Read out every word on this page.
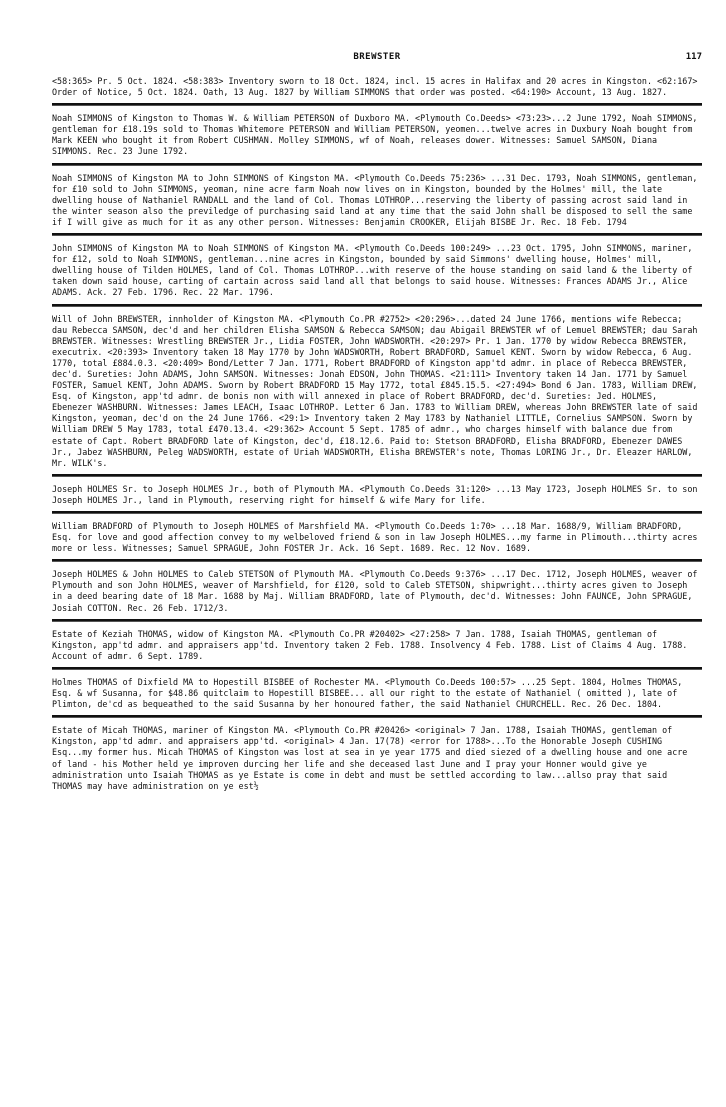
BREWSTER	117

<58:365> Pr. 5 Oct. 1824. <58:383> Inventory sworn to 18 Oct. 1824, incl. 15 acres in Halifax and 20 acres in Kingston. <62:167> Order of Notice, 5 Oct. 1824. Oath, 13 Aug. 1827 by William SIMMONS that order was posted. <64:190> Account, 13 Aug. 1827.

Noah SIMMONS of Kingston to Thomas W. & William PETERSON of Duxboro MA. <Plymouth Co.Deeds> <73:23>...2 June 1792, Noah SIMMONS, gentleman for £18.19s sold to Thomas Whitemore PETERSON and William PETERSON, yeomen...twelve acres in Duxbury Noah bought from Mark KEEN who bought it from Robert CUSHMAN. Molley SIMMONS, wf of Noah, releases dower. Witnesses: Samuel SAMSON, Diana SIMMONS. Rec. 23 June 1792.

Noah SIMMONS of Kingston MA to John SIMMONS of Kingston MA. <Plymouth Co.Deeds 75:236> ...31 Dec. 1793, Noah SIMMONS, gentleman, for £10 sold to John SIMMONS, yeoman, nine acre farm Noah now lives on in Kingston, bounded by the Holmes' mill, the late dwelling house of Nathaniel RANDALL and the land of Col. Thomas LOTHROP...reserving the liberty of passing acrost said land in the winter season also the previledge of purchasing said land at any time that the said John shall be disposed to sell the same if I will give as much for it as any other person. Witnesses: Benjamin CROOKER, Elijah BISBE Jr. Rec. 18 Feb. 1794

John SIMMONS of Kingston MA to Noah SIMMONS of Kingston MA. <Plymouth Co.Deeds 100:249> ...23 Oct. 1795, John SIMMONS, mariner, for £12, sold to Noah SIMMONS, gentleman...nine acres in Kingston, bounded by said Simmons' dwelling house, Holmes' mill, dwelling house of Tilden HOLMES, land of Col. Thomas LOTHROP...with reserve of the house standing on said land & the liberty of taken down said house, carting of cartain across said land all that belongs to said house. Witnesses: Frances ADAMS Jr., Alice ADAMS. Ack. 27 Feb. 1796. Rec. 22 Mar. 1796.

Will of John BREWSTER, innholder of Kingston MA. <Plymouth Co.PR #2752> <20:296>...dated 24 June 1766, mentions wife Rebecca; dau Rebecca SAMSON, dec'd and her children Elisha SAMSON & Rebecca SAMSON; dau Abigail BREWSTER wf of Lemuel BREWSTER; dau Sarah BREWSTER. Witnesses: Wrestling BREWSTER Jr., Lidia FOSTER, John WADSWORTH. <20:297> Pr. 1 Jan. 1770 by widow Rebecca BREWSTER, executrix. <20:393> Inventory taken 18 May 1770 by John WADSWORTH, Robert BRADFORD, Samuel KENT. Sworn by widow Rebecca, 6 Aug. 1770, total £884.0.3. <20:409> Bond/Letter 7 Jan. 1771, Robert BRADFORD of Kingston app'td admr. in place of Rebecca BREWSTER, dec'd. Sureties: John ADAMS, John SAMSON. Witnesses: Jonah EDSON, John THOMAS. <21:111> Inventory taken 14 Jan. 1771 by Samuel FOSTER, Samuel KENT, John ADAMS. Sworn by Robert BRADFORD 15 May 1772, total £845.15.5. <27:494> Bond 6 Jan. 1783, William DREW, Esq. of Kingston, app'td admr. de bonis non with will annexed in place of Robert BRADFORD, dec'd. Sureties: Jed. HOLMES, Ebenezer WASHBURN. Witnesses: James LEACH, Isaac LOTHROP. Letter 6 Jan. 1783 to William DREW, whereas John BREWSTER late of said Kingston, yeoman, dec'd on the 24 June 1766. <29:1> Inventory taken 2 May 1783 by Nathaniel LITTLE, Cornelius SAMPSON. Sworn by William DREW 5 May 1783, total £470.13.4. <29:362> Account 5 Sept. 1785 of admr., who charges himself with balance due from estate of Capt. Robert BRADFORD late of Kingston, dec'd, £18.12.6. Paid to: Stetson BRADFORD, Elisha BRADFORD, Ebenezer DAWES Jr., Jabez WASHBURN, Peleg WADSWORTH, estate of Uriah WADSWORTH, Elisha BREWSTER's note, Thomas LORING Jr., Dr. Eleazer HARLOW, Mr. WILK's.

Joseph HOLMES Sr. to Joseph HOLMES Jr., both of Plymouth MA. <Plymouth Co.Deeds 31:120> ...13 May 1723, Joseph HOLMES Sr. to son Joseph HOLMES Jr., land in Plymouth, reserving right for himself & wife Mary for life.

William BRADFORD of Plymouth to Joseph HOLMES of Marshfield MA. <Plymouth Co.Deeds 1:70> ...18 Mar. 1688/9, William BRADFORD, Esq. for love and good affection convey to my welbeloved friend & son in law Joseph HOLMES...my farme in Plimouth...thirty acres more or less. Witnesses; Samuel SPRAGUE, John FOSTER Jr. Ack. 16 Sept. 1689. Rec. 12 Nov. 1689.

Joseph HOLMES & John HOLMES to Caleb STETSON of Plymouth MA. <Plymouth Co.Deeds 9:376> ...17 Dec. 1712, Joseph HOLMES, weaver of Plymouth and son John HOLMES, weaver of Marshfield, for £120, sold to Caleb STETSON, shipwright...thirty acres given to Joseph in a deed bearing date of 18 Mar. 1688 by Maj. William BRADFORD, late of Plymouth, dec'd. Witnesses: John FAUNCE, John SPRAGUE, Josiah COTTON. Rec. 26 Feb. 1712/3.

Estate of Keziah THOMAS, widow of Kingston MA. <Plymouth Co.PR #20402> <27:258> 7 Jan. 1788, Isaiah THOMAS, gentleman of Kingston, app'td admr. and appraisers app'td. Inventory taken 2 Feb. 1788. Insolvency 4 Feb. 1788. List of Claims 4 Aug. 1788. Account of admr. 6 Sept. 1789.

Holmes THOMAS of Dixfield MA to Hopestill BISBEE of Rochester MA. <Plymouth Co.Deeds 100:57> ...25 Sept. 1804, Holmes THOMAS, Esq. & wf Susanna, for $48.86 quitclaim to Hopestill BISBEE... all our right to the estate of Nathaniel ( omitted ), late of Plimton, de'cd as bequeathed to the said Susanna by her honoured father, the said Nathaniel CHURCHELL. Rec. 26 Dec. 1804.

Estate of Micah THOMAS, mariner of Kingston MA. <Plymouth Co.PR #20426> <original> 7 Jan. 1788, Isaiah THOMAS, gentleman of Kingston, app'td admr. and appraisers app'td. <original> 4 Jan. 17(78) <error for 1788>...To the Honorable Joseph CUSHING Esq...my former hus. Micah THOMAS of Kingston was lost at sea in ye year 1775 and died siezed of a dwelling house and one acre of land - his Mother held ye improven durcing her life and she deceased last June and I pray your Honner would give ye administration unto Isaiah THOMAS as ye Estate is come in debt and must be settled according to law...allso pray that said THOMAS may have administration on ye est½
